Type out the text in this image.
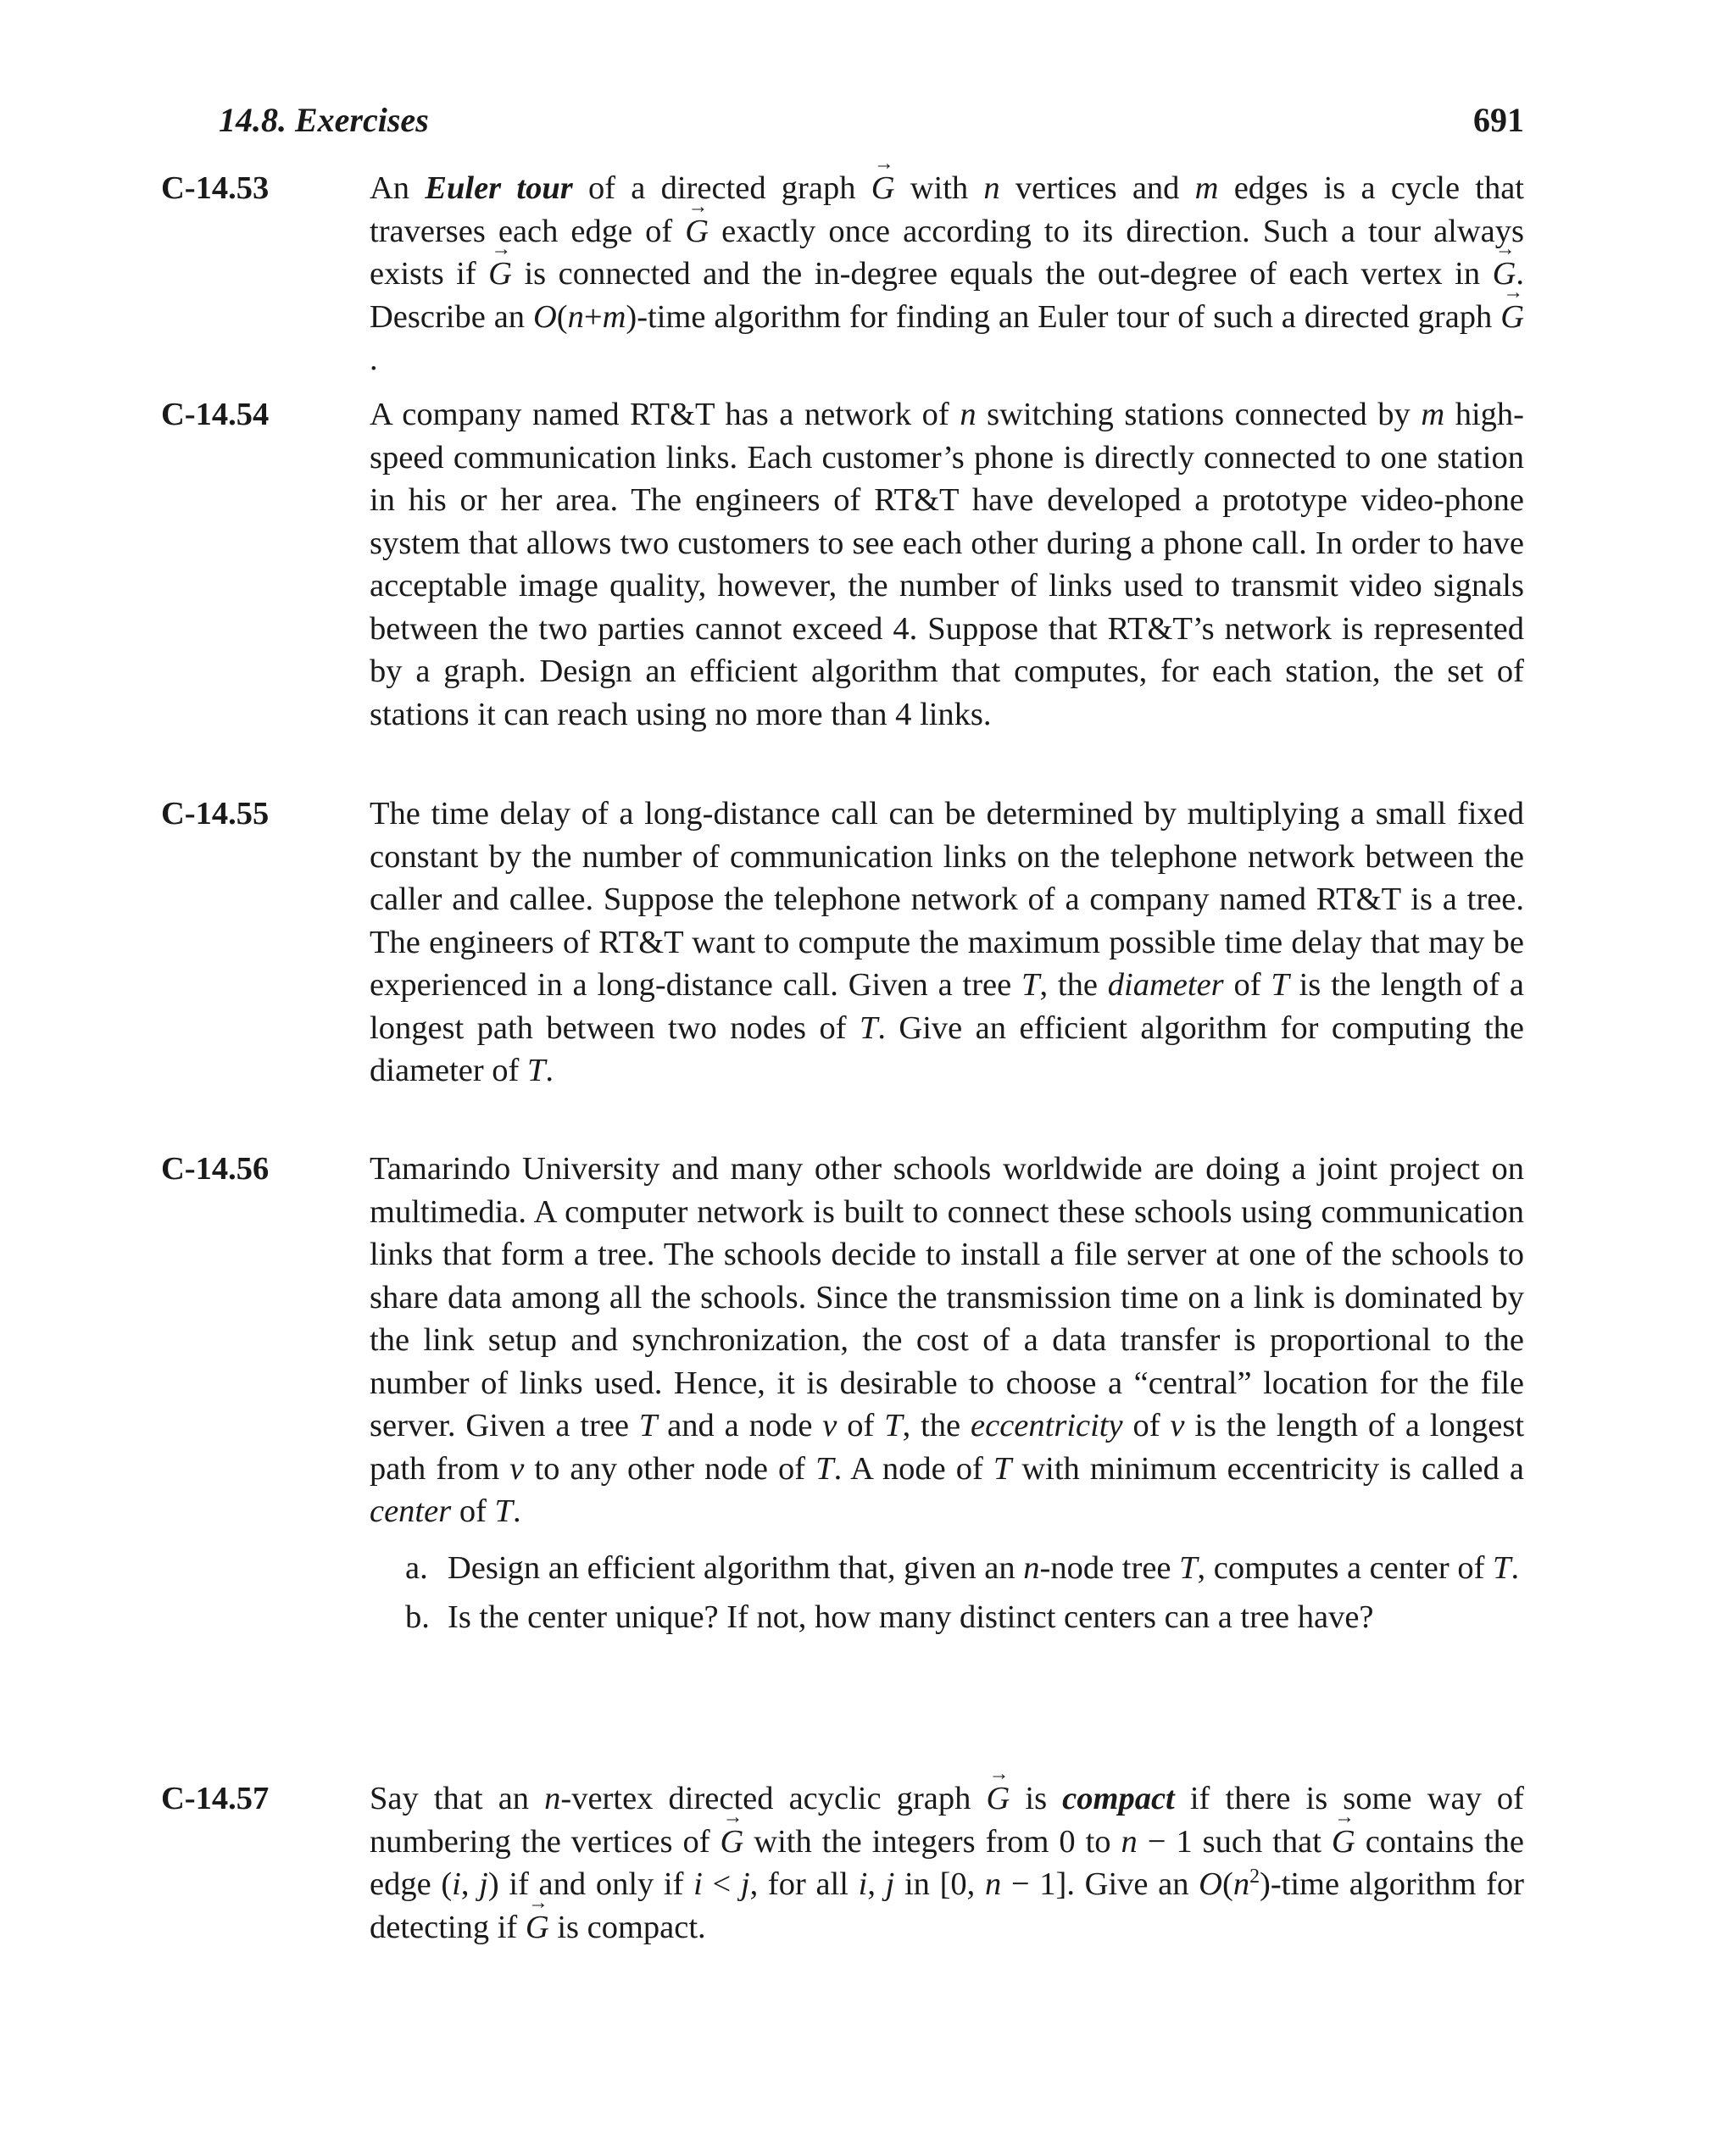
14.8. Exercises	691
C-14.53	An Euler tour of a directed graph → G with n vertices and m edges is a cycle that traverses each edge of → G exactly once according to its direction. Such a tour always exists if → G is connected and the in-degree equals the out-degree of each vertex in → G. Describe an O(n+m)-time algorithm for finding an Euler tour of such a directed graph → G.
C-14.54	A company named RT&T has a network of n switching stations connected by m high-speed communication links. Each customer’s phone is directly connected to one station in his or her area. The engineers of RT&T have developed a prototype video-phone system that allows two customers to see each other during a phone call. In order to have acceptable image quality, however, the number of links used to transmit video signals between the two parties cannot exceed 4. Suppose that RT&T’s network is represented by a graph. Design an efficient algorithm that computes, for each station, the set of stations it can reach using no more than 4 links.
C-14.55	The time delay of a long-distance call can be determined by multiplying a small fixed constant by the number of communication links on the telephone network between the caller and callee. Suppose the telephone network of a company named RT&T is a tree. The engineers of RT&T want to compute the maximum possible time delay that may be experienced in a long-distance call. Given a tree T, the diameter of T is the length of a longest path between two nodes of T. Give an efficient algorithm for computing the diameter of T.
C-14.56	Tamarindo University and many other schools worldwide are doing a joint project on multimedia. A computer network is built to connect these schools using communication links that form a tree. The schools decide to install a file server at one of the schools to share data among all the schools. Since the transmission time on a link is dominated by the link setup and synchronization, the cost of a data transfer is proportional to the number of links used. Hence, it is desirable to choose a “central” location for the file server. Given a tree T and a node v of T, the eccentricity of v is the length of a longest path from v to any other node of T. A node of T with minimum eccentricity is called a center of T.
a. Design an efficient algorithm that, given an n-node tree T, computes a center of T.
b. Is the center unique? If not, how many distinct centers can a tree have?
C-14.57	Say that an n-vertex directed acyclic graph → G is compact if there is some way of numbering the vertices of → G with the integers from 0 to n − 1 such that → G contains the edge (i, j) if and only if i < j, for all i, j in [0, n − 1]. Give an $O(n^2)$-time algorithm for detecting if → G is compact.
